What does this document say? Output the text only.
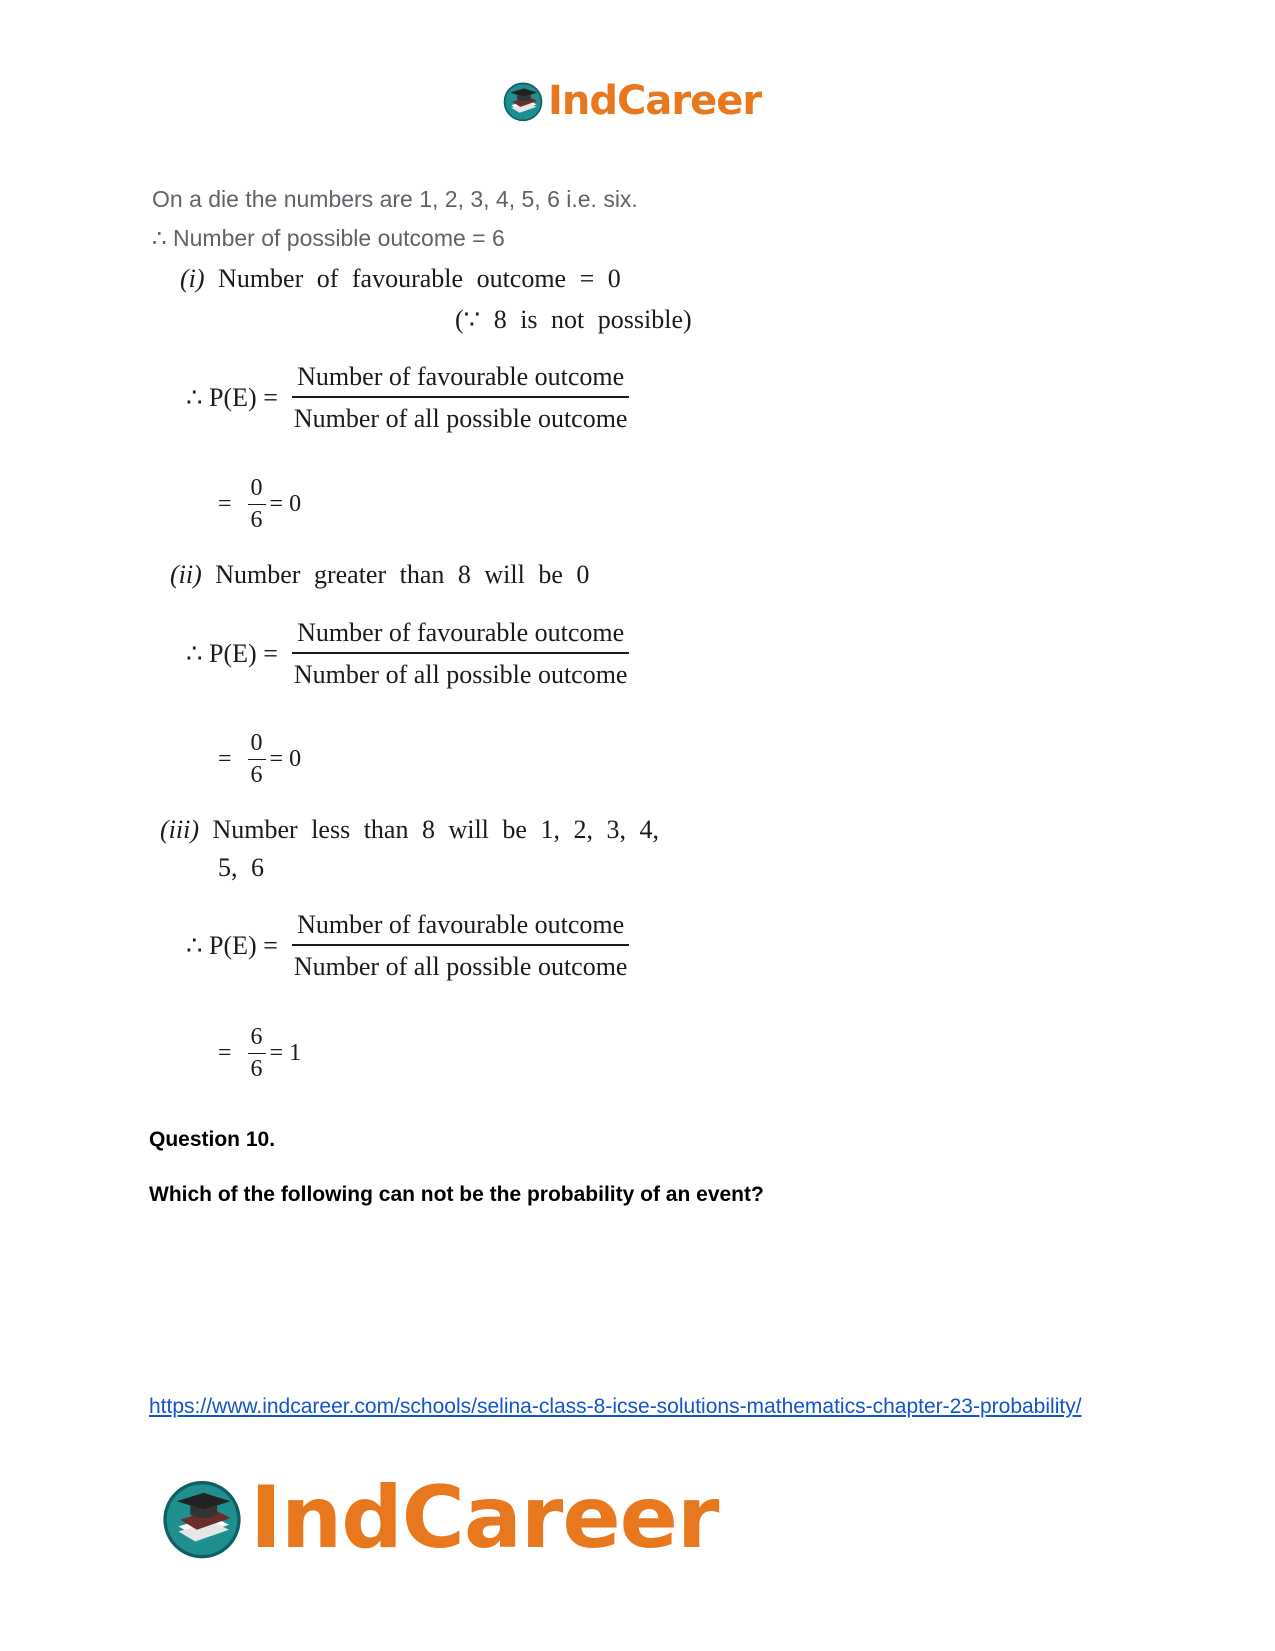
IndCareer
On a die the numbers are 1, 2, 3, 4, 5, 6 i.e. six.
∴ Number of possible outcome = 6
(i) Number of favourable outcome = 0
(∵ 8 is not possible)
∴ $P(E) = \frac{\text{Number of favourable outcome}}{\text{Number of all possible outcome}}$
= $\frac{0}{6} = 0$
(ii) Number greater than 8 will be 0
∴ $P(E) = \frac{\text{Number of favourable outcome}}{\text{Number of all possible outcome}}$
= $\frac{0}{6} = 0$
(iii) Number less than 8 will be 1, 2, 3, 4,
5, 6
∴ $P(E) = \frac{\text{Number of favourable outcome}}{\text{Number of all possible outcome}}$
= $\frac{6}{6} = 1$
Question 10.
Which of the following can not be the probability of an event?
https://www.indcareer.com/schools/selina-class-8-icse-solutions-mathematics-chapter-23-probability/
IndCareer
